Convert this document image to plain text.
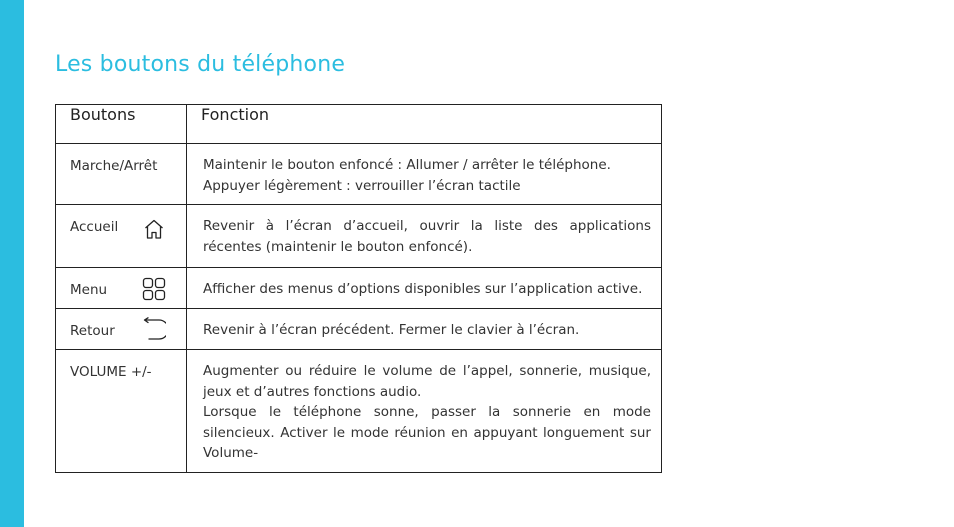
Les boutons du téléphone
Boutons	Fonction

Marche/Arrêt	Maintenir le bouton enfoncé : Allumer / arrêter le téléphone.
Appuyer légèrement : verrouiller l’écran tactile

Accueil	Revenir à l’écran d’accueil, ouvrir la liste des applications récentes (maintenir le bouton enfoncé).

Menu	Afficher des menus d’options disponibles sur l’application active.

Retour	Revenir à l’écran précédent. Fermer le clavier à l’écran.

VOLUME +/-	Augmenter ou réduire le volume de l’appel, sonnerie, musique, jeux et d’autres fonctions audio.
Lorsque le téléphone sonne, passer la sonnerie en mode silencieux. Activer le mode réunion en appuyant longuement sur Volume-
